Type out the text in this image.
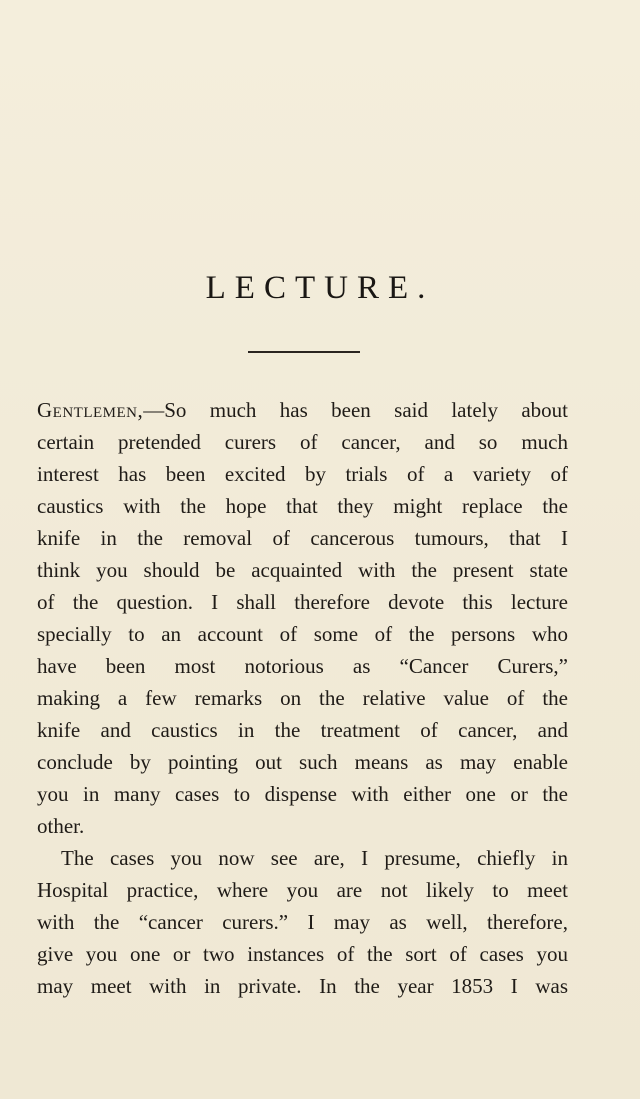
LECTURE.
Gentlemen,—So much has been said lately about
certain pretended curers of cancer, and so much
interest has been excited by trials of a variety of
caustics with the hope that they might replace the
knife in the removal of cancerous tumours, that I
think you should be acquainted with the present state
of the question. I shall therefore devote this lecture
specially to an account of some of the persons who
have been most notorious as “Cancer Curers,”
making a few remarks on the relative value of the
knife and caustics in the treatment of cancer, and
conclude by pointing out such means as may enable
you in many cases to dispense with either one or the
other.
The cases you now see are, I presume, chiefly in
Hospital practice, where you are not likely to meet
with the “cancer curers.” I may as well, therefore,
give you one or two instances of the sort of cases you
may meet with in private. In the year 1853 I was
